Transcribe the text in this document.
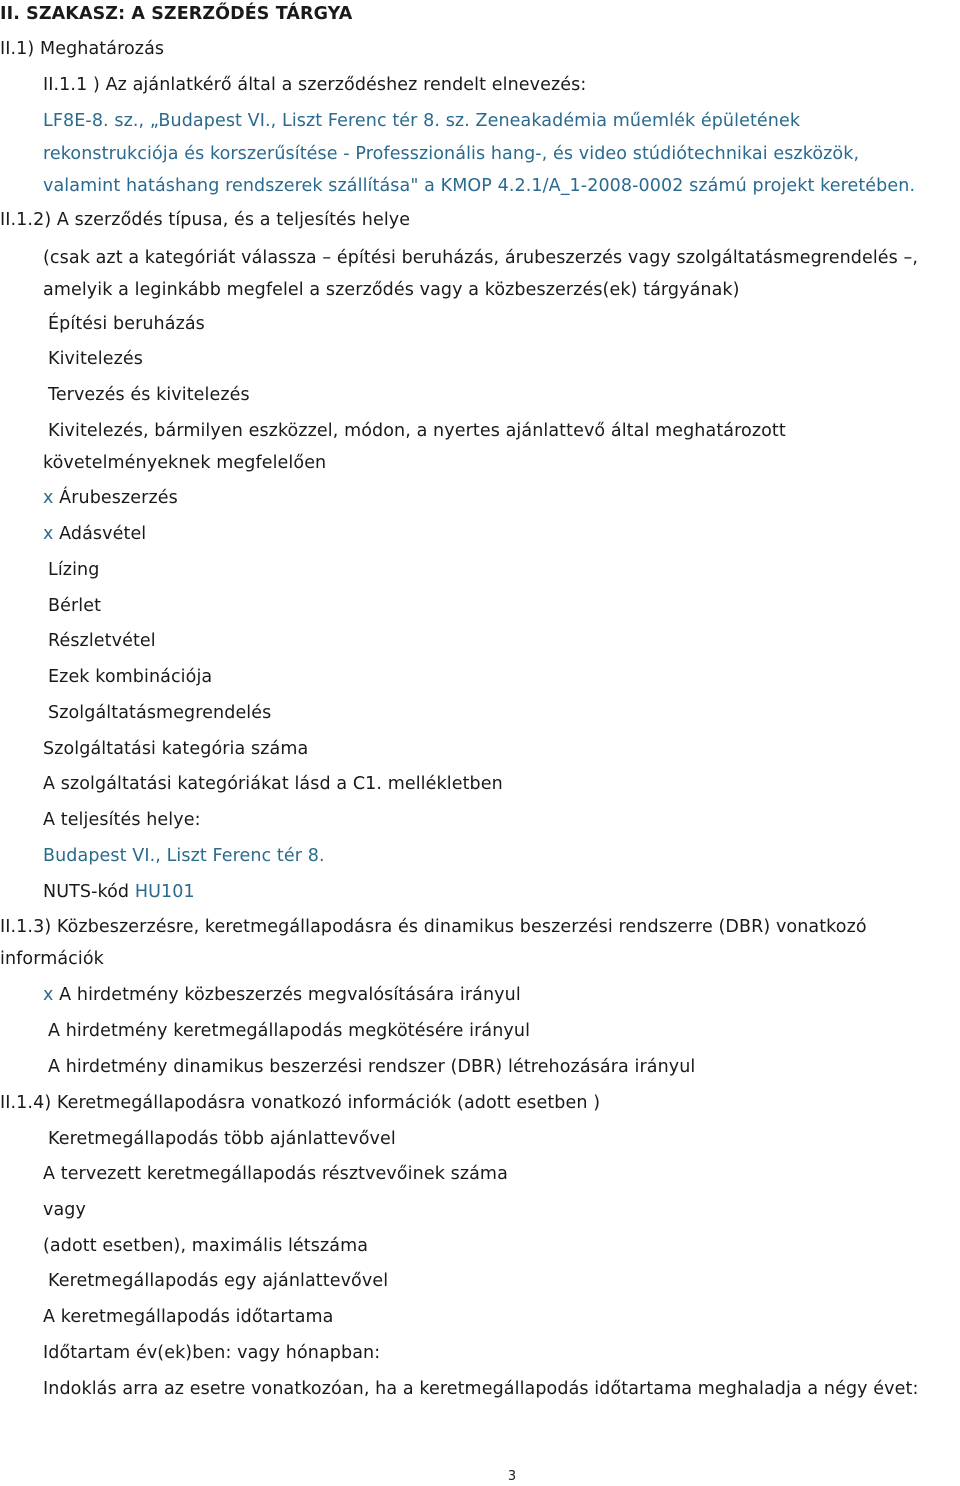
II. SZAKASZ: A SZERZŐDÉS TÁRGYA
II.1) Meghatározás
II.1.1 ) Az ajánlatkérő által a szerződéshez rendelt elnevezés:
LF8E-8. sz., „Budapest VI., Liszt Ferenc tér 8. sz. Zeneakadémia műemlék épületének
rekonstrukciója és korszerűsítése - Professzionális hang-, és video stúdiótechnikai eszközök,
valamint hatáshang rendszerek szállítása" a KMOP 4.2.1/A_1-2008-0002 számú projekt keretében.
II.1.2) A szerződés típusa, és a teljesítés helye
(csak azt a kategóriát válassza – építési beruházás, árubeszerzés vagy szolgáltatásmegrendelés –,
amelyik a leginkább megfelel a szerződés vagy a közbeszerzés(ek) tárgyának)
Építési beruházás
Kivitelezés
Tervezés és kivitelezés
Kivitelezés, bármilyen eszközzel, módon, a nyertes ajánlattevő által meghatározott
követelményeknek megfelelően
x Árubeszerzés
x Adásvétel
Lízing
Bérlet
Részletvétel
Ezek kombinációja
Szolgáltatásmegrendelés
Szolgáltatási kategória száma
A szolgáltatási kategóriákat lásd a C1. mellékletben
A teljesítés helye:
Budapest VI., Liszt Ferenc tér 8.
NUTS-kód HU101
II.1.3) Közbeszerzésre, keretmegállapodásra és dinamikus beszerzési rendszerre (DBR) vonatkozó
információk
x A hirdetmény közbeszerzés megvalósítására irányul
A hirdetmény keretmegállapodás megkötésére irányul
A hirdetmény dinamikus beszerzési rendszer (DBR) létrehozására irányul
II.1.4) Keretmegállapodásra vonatkozó információk (adott esetben )
Keretmegállapodás több ajánlattevővel
A tervezett keretmegállapodás résztvevőinek száma
vagy
(adott esetben), maximális létszáma
Keretmegállapodás egy ajánlattevővel
A keretmegállapodás időtartama
Időtartam év(ek)ben: vagy hónapban:
Indoklás arra az esetre vonatkozóan, ha a keretmegállapodás időtartama meghaladja a négy évet:
3
